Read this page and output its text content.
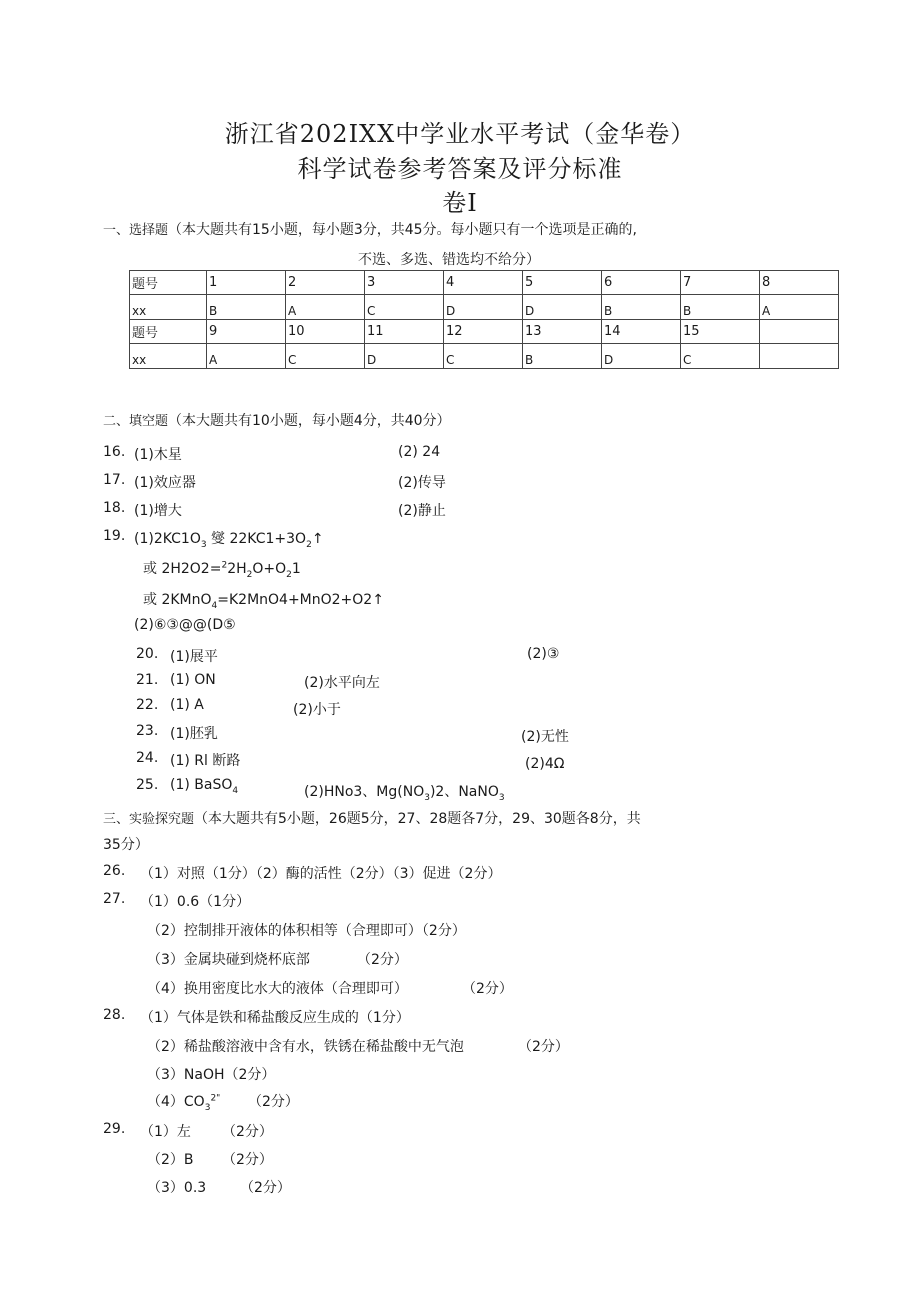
浙江省202IXX中学业水平考试（金华卷）
科学试卷参考答案及评分标准
卷I
一、选择题（本大题共有15小题，每小题3分，共45分。每小题只有一个选项是正确的,
不选、多选、错选均不给分）
题号	1	2	3	4	5	6	7	8
xx	B	A	C	D	D	B	B	A
题号	9	10	11	12	13	14	15	
xx	A	C	D	C	B	D	C	
二、填空题（本大题共有10小题，每小题4分，共40分）
16. (1)木星	(2) 24
17. (1)效应器	(2)传导
18. (1)增大	(2)静止
19. $(1)2KC1O_3$ 燮 $22KC1+3O_2↑$
或 $2H2O2=^22H_2O+O_21$
或 2KMnO$_4$=K2MnO4+MnO2+O2↑
(2)⑥③@@(D⑤
20. (1)展平	(2)③
21. (1) ON	(2)水平向左
22. (1) A	(2)小于
23. (1)胚乳	(2)无性
24. (1) Rl 断路	(2)4Ω
25. (1) BaSO$_4$	(2)HNo3、$Mg(NO_3)2$、NaNO$_3$
三、实验探究题（本大题共有5小题，26题5分，27、28题各7分，29、30题各8分，共
35分）
26. （1）对照（1分）（2）酶的活性（2分）（3）促进（2分）
27. （1）0.6（1分）
（2）控制排开液体的体积相等（合理即可）（2分）
（3）金属块碰到烧杯底部	（2分）
（4）换用密度比水大的液体（合理即可）	（2分）
28. （1）气体是铁和稀盐酸反应生成的（1分）
（2）稀盐酸溶液中含有水，铁锈在稀盐酸中无气泡	（2分）
（3）NaOH（2分）
$(4)CO_3^{2"}$ （2分）
29. （1）左 （2分）
（2）B （2分）
（3）0.3 （2分）
